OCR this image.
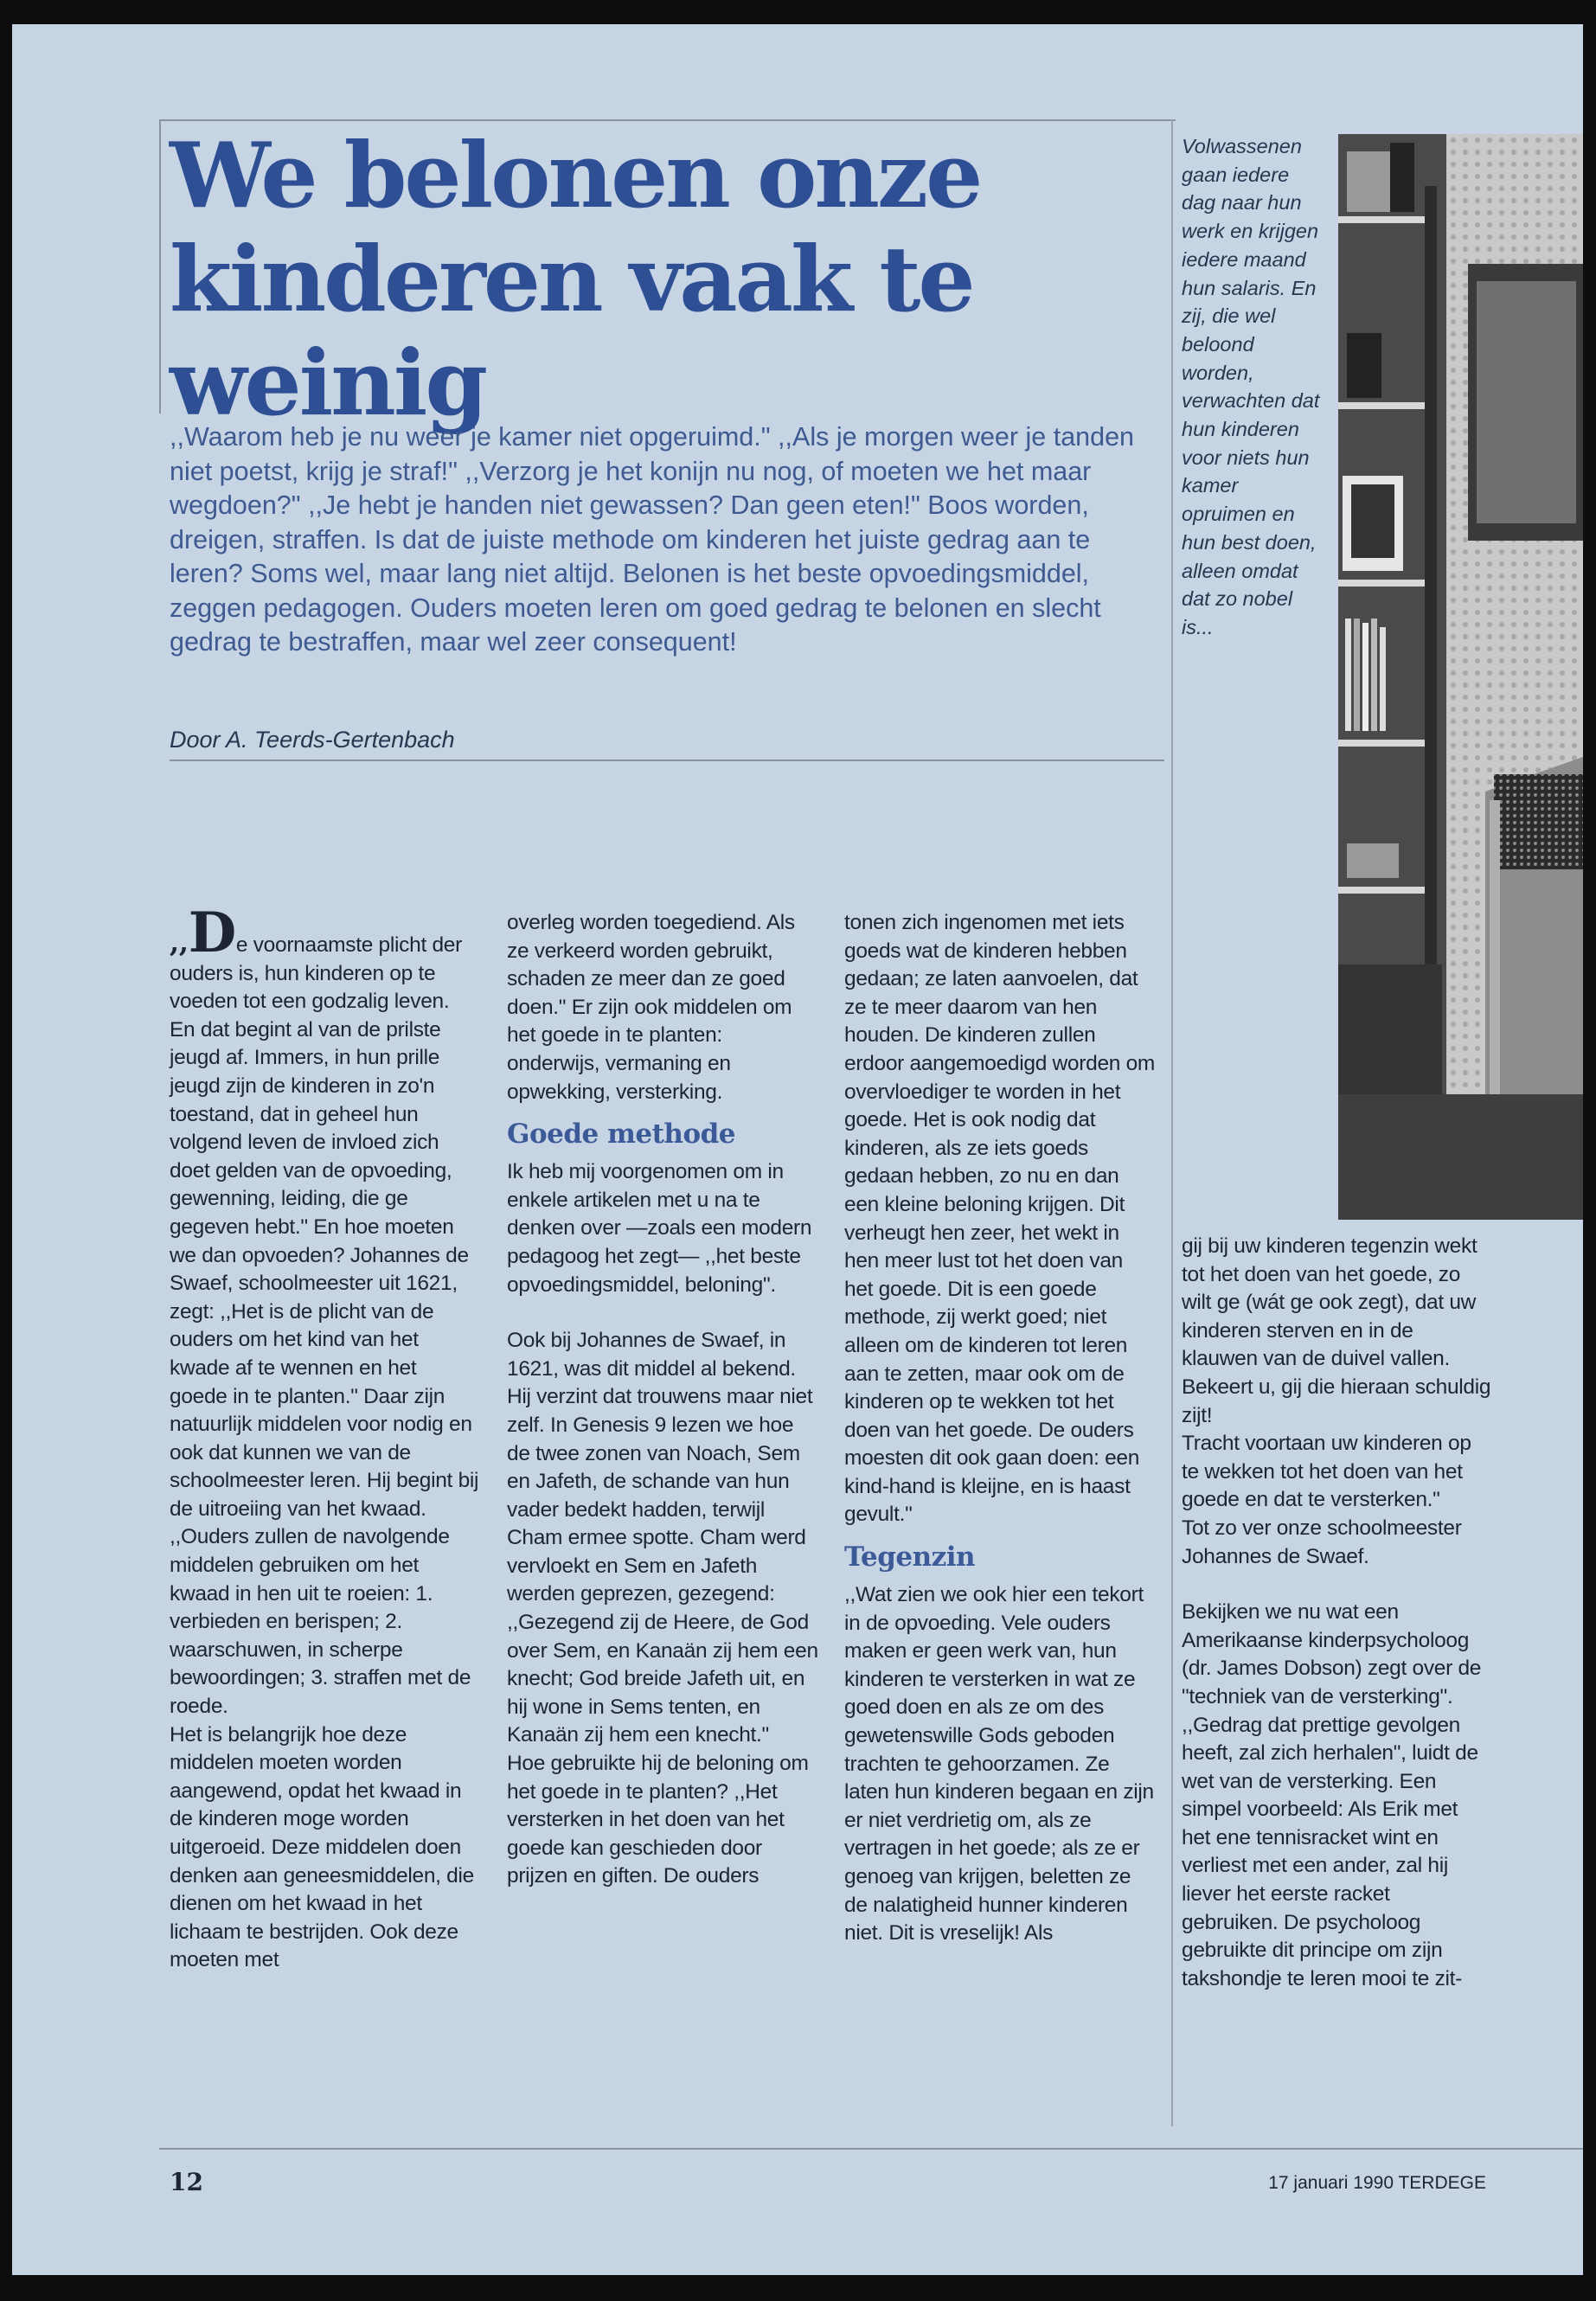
We belonen onze kinderen vaak te weinig

,,Waarom heb je nu weer je kamer niet opgeruimd." ,,Als je morgen weer je tanden niet poetst, krijg je straf!" ,,Verzorg je het konijn nu nog, of moeten we het maar wegdoen?" ,,Je hebt je handen niet gewassen? Dan geen eten!" Boos worden, dreigen, straffen. Is dat de juiste methode om kinderen het juiste gedrag aan te leren? Soms wel, maar lang niet altijd. Belonen is het beste opvoedingsmiddel, zeggen pedagogen. Ouders moeten leren om goed gedrag te belonen en slecht gedrag te bestraffen, maar wel zeer consequent!

Door A. Teerds-Gertenbach

Volwassenen gaan iedere dag naar hun werk en krijgen iedere maand hun salaris. En zij, die wel beloond worden, verwachten dat hun kinderen voor niets hun kamer opruimen en hun best doen, alleen omdat dat zo nobel is...

,,De voornaamste plicht der ouders is, hun kinderen op te voeden tot een godzalig leven. En dat begint al van de prilste jeugd af. Immers, in hun prille jeugd zijn de kinderen in zo'n toestand, dat in geheel hun volgend leven de invloed zich doet gelden van de opvoeding, gewenning, leiding, die ge gegeven hebt." En hoe moeten we dan opvoeden? Johannes de Swaef, schoolmeester uit 1621, zegt: ,,Het is de plicht van de ouders om het kind van het kwade af te wennen en het goede in te planten." Daar zijn natuurlijk middelen voor nodig en ook dat kunnen we van de schoolmeester leren. Hij begint bij de uitroeiing van het kwaad. ,,Ouders zullen de navolgende middelen gebruiken om het kwaad in hen uit te roeien: 1. verbieden en berispen; 2. waarschuwen, in scherpe bewoordingen; 3. straffen met de roede.

Het is belangrijk hoe deze middelen moeten worden aangewend, opdat het kwaad in de kinderen moge worden uitgeroeid. Deze middelen doen denken aan geneesmiddelen, die dienen om het kwaad in het lichaam te bestrijden. Ook deze moeten met

overleg worden toegediend. Als ze verkeerd worden gebruikt, schaden ze meer dan ze goed doen." Er zijn ook middelen om het goede in te planten: onderwijs, vermaning en opwekking, versterking.

Goede methode

Ik heb mij voorgenomen om in enkele artikelen met u na te denken over —zoals een modern pedagoog het zegt— ,,het beste opvoedingsmiddel, beloning".

Ook bij Johannes de Swaef, in 1621, was dit middel al bekend. Hij verzint dat trouwens maar niet zelf. In Genesis 9 lezen we hoe de twee zonen van Noach, Sem en Jafeth, de schande van hun vader bedekt hadden, terwijl Cham ermee spotte. Cham werd vervloekt en Sem en Jafeth werden geprezen, gezegend: ,,Gezegend zij de Heere, de God over Sem, en Kanaän zij hem een knecht; God breide Jafeth uit, en hij wone in Sems tenten, en Kanaän zij hem een knecht."

Hoe gebruikte hij de beloning om het goede in te planten? ,,Het versterken in het doen van het goede kan geschieden door prijzen en giften. De ouders

tonen zich ingenomen met iets goeds wat de kinderen hebben gedaan; ze laten aanvoelen, dat ze te meer daarom van hen houden. De kinderen zullen erdoor aangemoedigd worden om overvloediger te worden in het goede. Het is ook nodig dat kinderen, als ze iets goeds gedaan hebben, zo nu en dan een kleine beloning krijgen. Dit verheugt hen zeer, het wekt in hen meer lust tot het doen van het goede. Dit is een goede methode, zij werkt goed; niet alleen om de kinderen tot leren aan te zetten, maar ook om de kinderen op te wekken tot het doen van het goede. De ouders moesten dit ook gaan doen: een kind-hand is kleijne, en is haast gevult."

Tegenzin

,,Wat zien we ook hier een tekort in de opvoeding. Vele ouders maken er geen werk van, hun kinderen te versterken in wat ze goed doen en als ze om des gewetenswille Gods geboden trachten te gehoorzamen. Ze laten hun kinderen begaan en zijn er niet verdrietig om, als ze vertragen in het goede; als ze er genoeg van krijgen, beletten ze de nalatigheid hunner kinderen niet. Dit is vreselijk! Als

gij bij uw kinderen tegenzin wekt tot het doen van het goede, zo wilt ge (wát ge ook zegt), dat uw kinderen sterven en in de klauwen van de duivel vallen. Bekeert u, gij die hieraan schuldig zijt!

Tracht voortaan uw kinderen op te wekken tot het doen van het goede en dat te versterken."

Tot zo ver onze schoolmeester Johannes de Swaef.

Bekijken we nu wat een Amerikaanse kinderpsycholoog (dr. James Dobson) zegt over de "techniek van de versterking". ,,Gedrag dat prettige gevolgen heeft, zal zich herhalen", luidt de wet van de versterking. Een simpel voorbeeld: Als Erik met het ene tennisracket wint en verliest met een ander, zal hij liever het eerste racket gebruiken. De psycholoog gebruikte dit principe om zijn takshondje te leren mooi te zit-

12	17 januari 1990 TERDEGE
